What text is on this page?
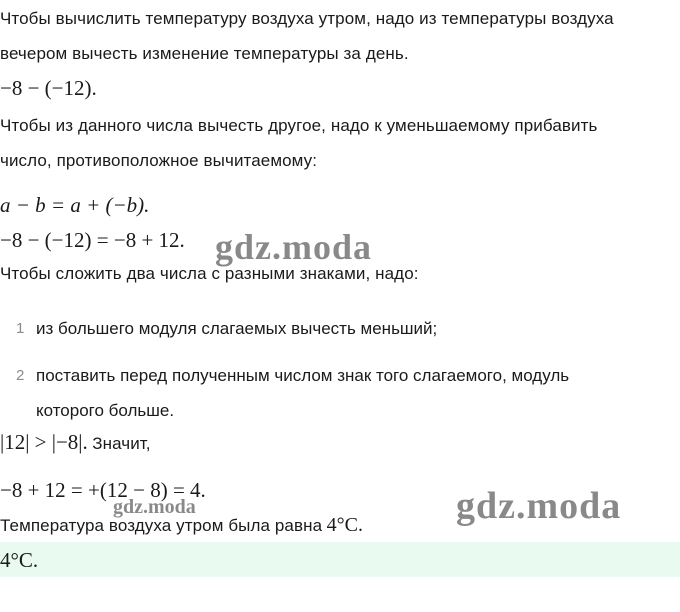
Чтобы вычислить температуру воздуха утром, надо из температуры воздуха
вечером вычесть изменение температуры за день.
−8 − (−12).
Чтобы из данного числа вычесть другое, надо к уменьшаемому прибавить
число, противоположное вычитаемому:
a − b = a + (−b).
−8 − (−12) = −8 + 12.
Чтобы сложить два числа с разными знаками, надо:
1 из большего модуля слагаемых вычесть меньший;
2 поставить перед полученным числом знак того слагаемого, модуль
которого больше.
|12| > |−8|. Значит,
−8 + 12 = +(12 − 8) = 4.
Температура воздуха утром была равна 4°C.
4°C.
gdz.moda
gdz.moda
gdz.moda
